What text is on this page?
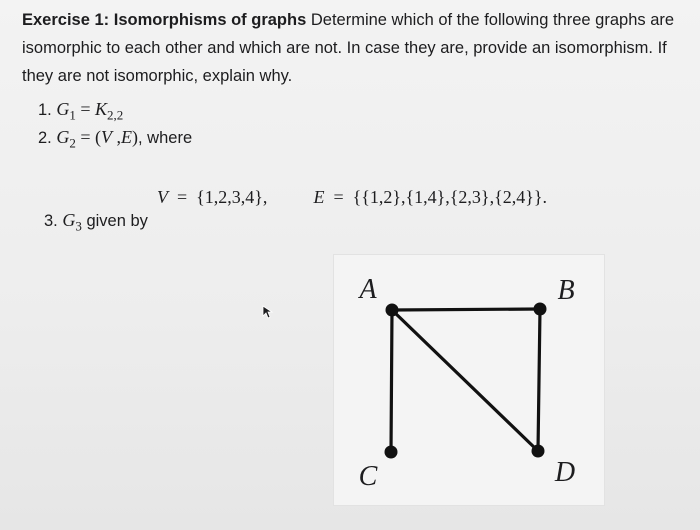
Exercise 1: Isomorphisms of graphs Determine which of the following three graphs are isomorphic to each other and which are not. In case they are, provide an isomorphism. If they are not isomorphic, explain why.
1. $G_1 = K_{2,2}$
2. $G_2 = (V$ ,E), where

V  =  {1,2,3,4},	E  =  {{1,2},{1,4},{2,3},{2,4}}.

3. $G_3$ given by
A	B
C	D
